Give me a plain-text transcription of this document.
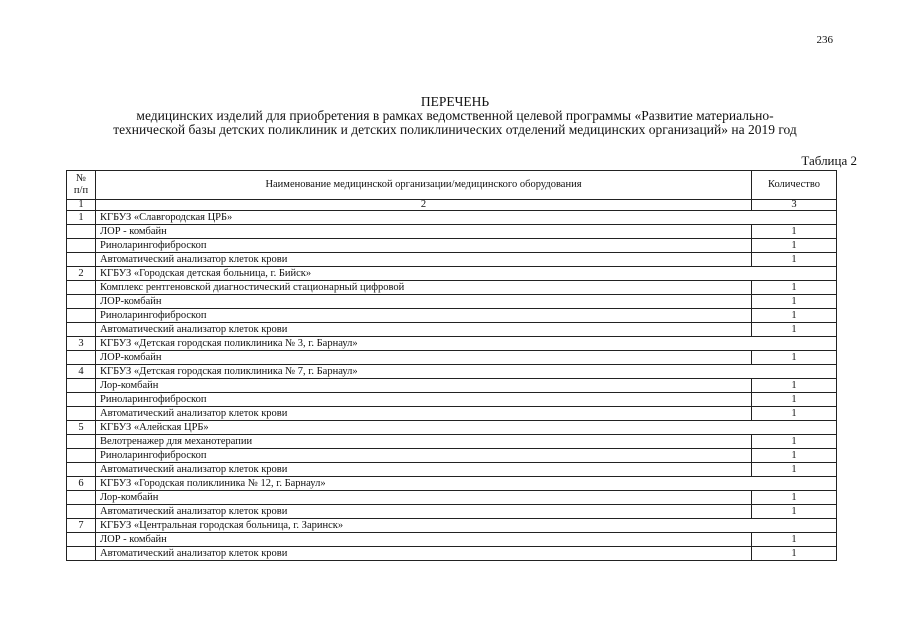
236
ПЕРЕЧЕНЬ
медицинских изделий для приобретения в рамках ведомственной целевой программы «Развитие материально-
технической базы детских поликлиник и детских поликлинических отделений медицинских организаций» на 2019 год
Таблица 2
№ п/п	Наименование медицинской организации/медицинского оборудования	Количество
1	2	3
1	КГБУЗ «Славгородская ЦРБ»	
	ЛОР - комбайн	1
	Риноларингофиброскоп	1
	Автоматический анализатор клеток крови	1
2	КГБУЗ «Городская детская больница, г. Бийск»	
	Комплекс рентгеновской диагностический стационарный цифровой	1
	ЛОР-комбайн	1
	Риноларингофиброскоп	1
	Автоматический анализатор клеток крови	1
3	КГБУЗ «Детская городская поликлиника № 3, г. Барнаул»	
	ЛОР-комбайн	1
4	КГБУЗ «Детская городская поликлиника № 7, г. Барнаул»	
	Лор-комбайн	1
	Риноларингофиброскоп	1
	Автоматический анализатор клеток крови	1
5	КГБУЗ «Алейская ЦРБ»	
	Велотренажер для механотерапии	1
	Риноларингофиброскоп	1
	Автоматический анализатор клеток крови	1
6	КГБУЗ «Городская поликлиника № 12, г. Барнаул»	
	Лор-комбайн	1
	Автоматический анализатор клеток крови	1
7	КГБУЗ «Центральная городская больница, г. Заринск»	
	ЛОР - комбайн	1
	Автоматический анализатор клеток крови	1
